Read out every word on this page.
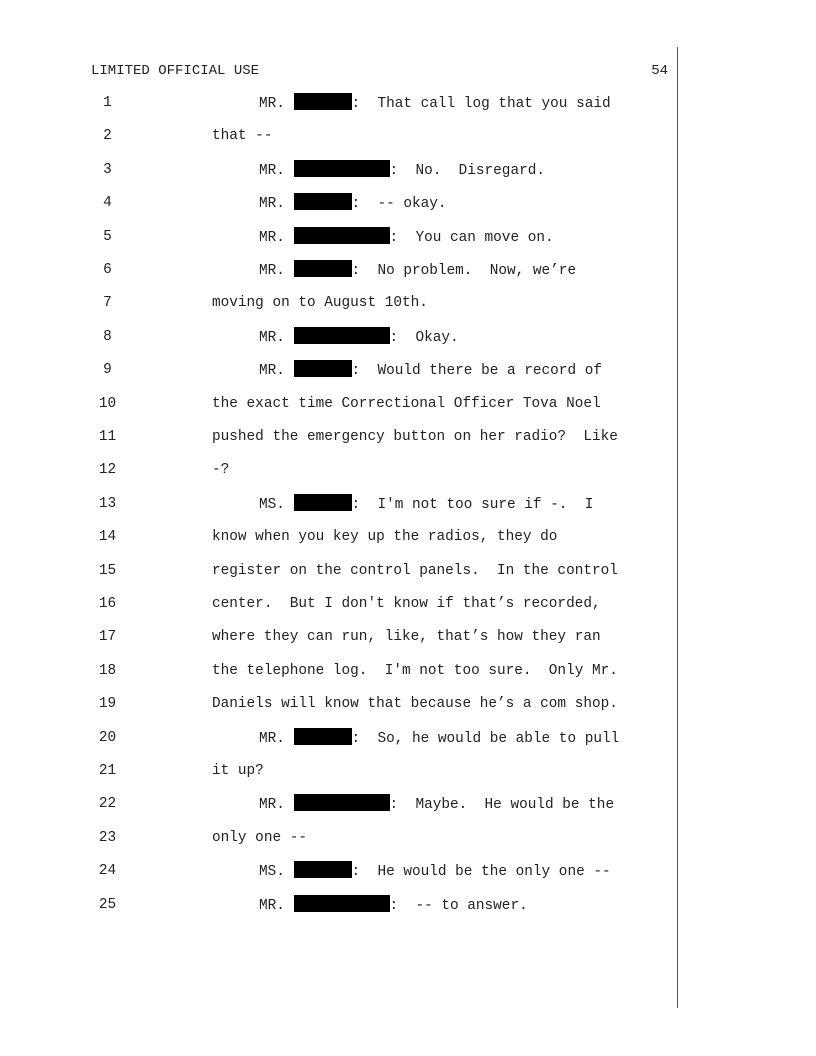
LIMITED OFFICIAL USE	54
1	MR.	:  That call log that you said
2	that --
3	MR.	:  No.  Disregard.
4	MR.	:  -- okay.
5	MR.	:  You can move on.
6	MR.	:  No problem.  Now, we’re
7	moving on to August 10th.
8	MR.	:  Okay.
9	MR.	:  Would there be a record of
10	the exact time Correctional Officer Tova Noel
11	pushed the emergency button on her radio?  Like
12	-?
13	MS.	:  I'm not too sure if -.  I
14	know when you key up the radios, they do
15	register on the control panels.  In the control
16	center.  But I don't know if that’s recorded,
17	where they can run, like, that’s how they ran
18	the telephone log.  I'm not too sure.  Only Mr.
19	Daniels will know that because he’s a com shop.
20	MR.	:  So, he would be able to pull
21	it up?
22	MR.	:  Maybe.  He would be the
23	only one --
24	MS.	:  He would be the only one --
25	MR.	:  -- to answer.
